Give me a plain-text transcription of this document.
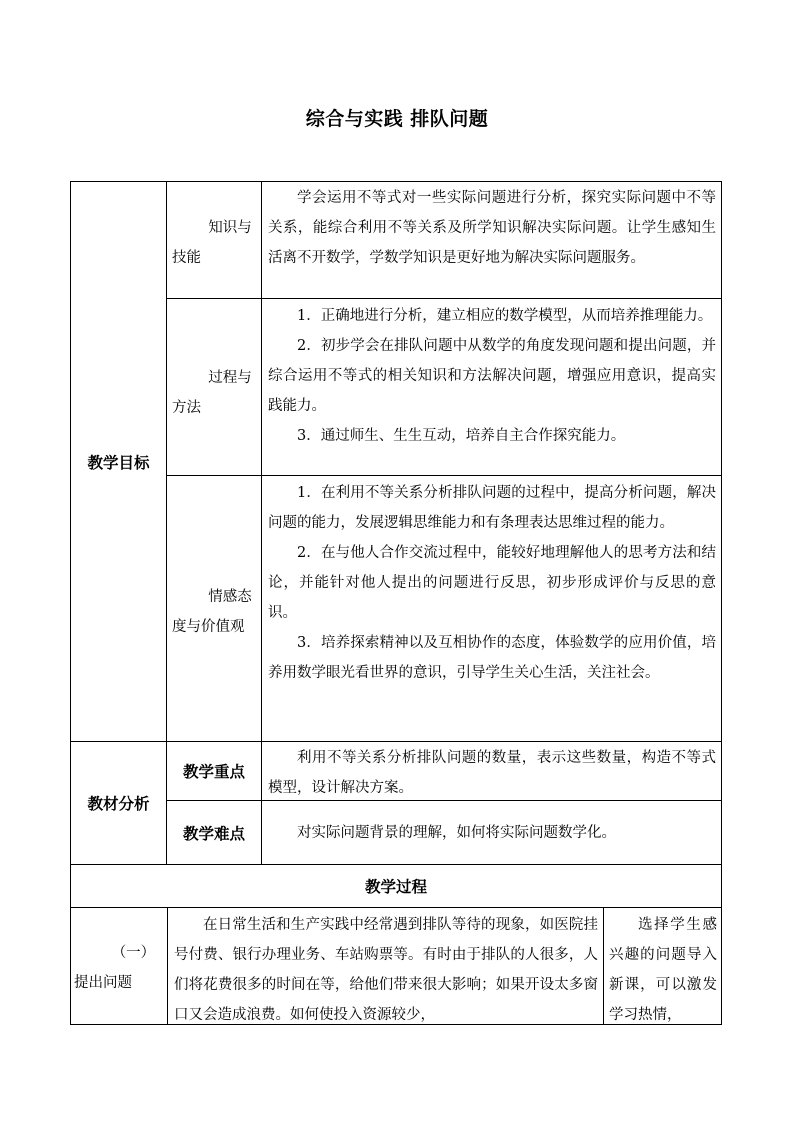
综合与实践 排队问题
教学目标
知识与技能

学会运用不等式对一些实际问题进行分析，探究实际问题中不等关系，能综合利用不等关系及所学知识解决实际问题。让学生感知生活离不开数学，学数学知识是更好地为解决实际问题服务。

过程与方法

1．正确地进行分析，建立相应的数学模型，从而培养推理能力。

2．初步学会在排队问题中从数学的角度发现问题和提出问题，并综合运用不等式的相关知识和方法解决问题，增强应用意识，提高实践能力。

3．通过师生、生生互动，培养自主合作探究能力。

情感态度与价值观

1．在利用不等关系分析排队问题的过程中，提高分析问题，解决问题的能力，发展逻辑思维能力和有条理表达思维过程的能力。

2．在与他人合作交流过程中，能较好地理解他人的思考方法和结论，并能针对他人提出的问题进行反思，初步形成评价与反思的意识。

3．培养探索精神以及互相协作的态度，体验数学的应用价值，培养用数学眼光看世界的意识，引导学生关心生活，关注社会。

教材分析
教学重点

利用不等关系分析排队问题的数量，表示这些数量，构造不等式模型，设计解决方案。

教学难点	对实际问题背景的理解，如何将实际问题数学化。

教学过程
（一）提出问题

在日常生活和生产实践中经常遇到排队等待的现象，如医院挂号付费、银行办理业务、车站购票等。有时由于排队的人很多，人们将花费很多的时间在等，给他们带来很大影响；如果开设太多窗口又会造成浪费。如何使投入资源较少，

选择学生感兴趣的问题导入新课，可以激发学习热情，
